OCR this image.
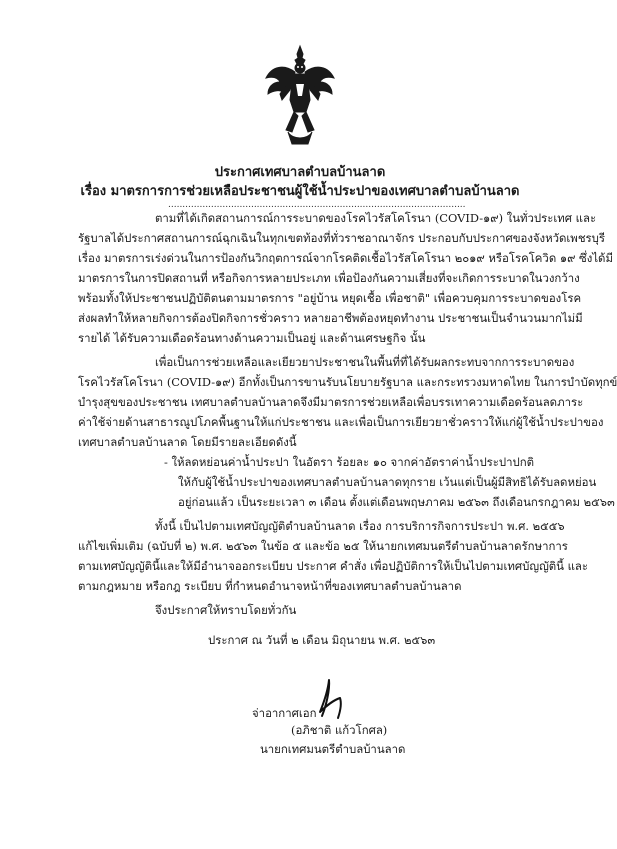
ประกาศเทศบาลตำบลบ้านลาด
เรื่อง มาตรการการช่วยเหลือประชาชนผู้ใช้น้ำประปาของเทศบาลตำบลบ้านลาด
........................................................................................................
ตามที่ได้เกิดสถานการณ์การระบาดของโรคไวรัสโคโรนา (COVID-๑๙) ในทั่วประเทศ และ
รัฐบาลได้ประกาศสถานการณ์ฉุกเฉินในทุกเขตท้องที่ทั่วราชอาณาจักร ประกอบกับประกาศของจังหวัดเพชรบุรี
เรื่อง มาตรการเร่งด่วนในการป้องกันวิกฤตการณ์จากโรคติดเชื้อไวรัสโคโรนา ๒๐๑๙ หรือโรคโควิด ๑๙ ซึ่งได้มี
มาตรการในการปิดสถานที่ หรือกิจการหลายประเภท เพื่อป้องกันความเสี่ยงที่จะเกิดการระบาดในวงกว้าง
พร้อมทั้งให้ประชาชนปฏิบัติตนตามมาตรการ "อยู่บ้าน หยุดเชื้อ เพื่อชาติ" เพื่อควบคุมการระบาดของโรค
ส่งผลทำให้หลายกิจการต้องปิดกิจการชั่วคราว หลายอาชีพต้องหยุดทำงาน ประชาชนเป็นจำนวนมากไม่มี
รายได้ ได้รับความเดือดร้อนทางด้านความเป็นอยู่ และด้านเศรษฐกิจ นั้น
เพื่อเป็นการช่วยเหลือและเยียวยาประชาชนในพื้นที่ที่ได้รับผลกระทบจากการระบาดของ
โรคไวรัสโคโรนา (COVID-๑๙) อีกทั้งเป็นการขานรับนโยบายรัฐบาล และกระทรวงมหาดไทย ในการบำบัดทุกข์
บำรุงสุขของประชาชน เทศบาลตำบลบ้านลาดจึงมีมาตรการช่วยเหลือเพื่อบรรเทาความเดือดร้อนลดภาระ
ค่าใช้จ่ายด้านสาธารณูปโภคพื้นฐานให้แก่ประชาชน และเพื่อเป็นการเยียวยาชั่วคราวให้แก่ผู้ใช้น้ำประปาของ
เทศบาลตำบลบ้านลาด โดยมีรายละเอียดดังนี้
- ให้ลดหย่อนค่าน้ำประปา ในอัตรา ร้อยละ ๑๐ จากค่าอัตราค่าน้ำประปาปกติ
ให้กับผู้ใช้น้ำประปาของเทศบาลตำบลบ้านลาดทุกราย เว้นแต่เป็นผู้มีสิทธิได้รับลดหย่อน
อยู่ก่อนแล้ว เป็นระยะเวลา ๓ เดือน ตั้งแต่เดือนพฤษภาคม ๒๕๖๓ ถึงเดือนกรกฎาคม ๒๕๖๓
ทั้งนี้ เป็นไปตามเทศบัญญัติตำบลบ้านลาด เรื่อง การบริการกิจการประปา พ.ศ. ๒๕๕๖
แก้ไขเพิ่มเติม (ฉบับที่ ๒) พ.ศ. ๒๕๖๓ ในข้อ ๕ และข้อ ๒๕ ให้นายกเทศมนตรีตำบลบ้านลาดรักษาการ
ตามเทศบัญญัตินี้และให้มีอำนาจออกระเบียบ ประกาศ คำสั่ง เพื่อปฏิบัติการให้เป็นไปตามเทศบัญญัตินี้ และ
ตามกฎหมาย หรือกฎ ระเบียบ ที่กำหนดอำนาจหน้าที่ของเทศบาลตำบลบ้านลาด
จึงประกาศให้ทราบโดยทั่วกัน
ประกาศ ณ วันที่ ๒ เดือน มิถุนายน พ.ศ. ๒๕๖๓
จ่าอากาศเอก
(อภิชาติ แก้วโกศล)
นายกเทศมนตรีตำบลบ้านลาด
